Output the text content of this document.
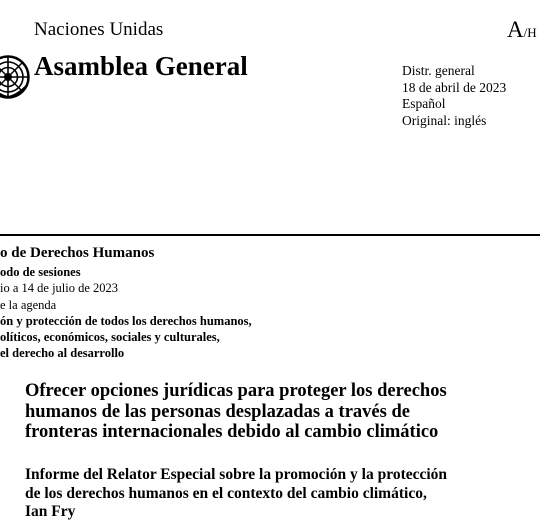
Naciones Unidas	A/H
Asamblea General	Distr. general
18 de abril de 2023
Español
Original: inglés
o de Derechos Humanos
odo de sesiones
io a 14 de julio de 2023
e la agenda
ón y protección de todos los derechos humanos,
olíticos, económicos, sociales y culturales,
el derecho al desarrollo
Ofrecer opciones jurídicas para proteger los derechos
humanos de las personas desplazadas a través de
fronteras internacionales debido al cambio climático
Informe del Relator Especial sobre la promoción y la protección
de los derechos humanos en el contexto del cambio climático,
Ian Fry
